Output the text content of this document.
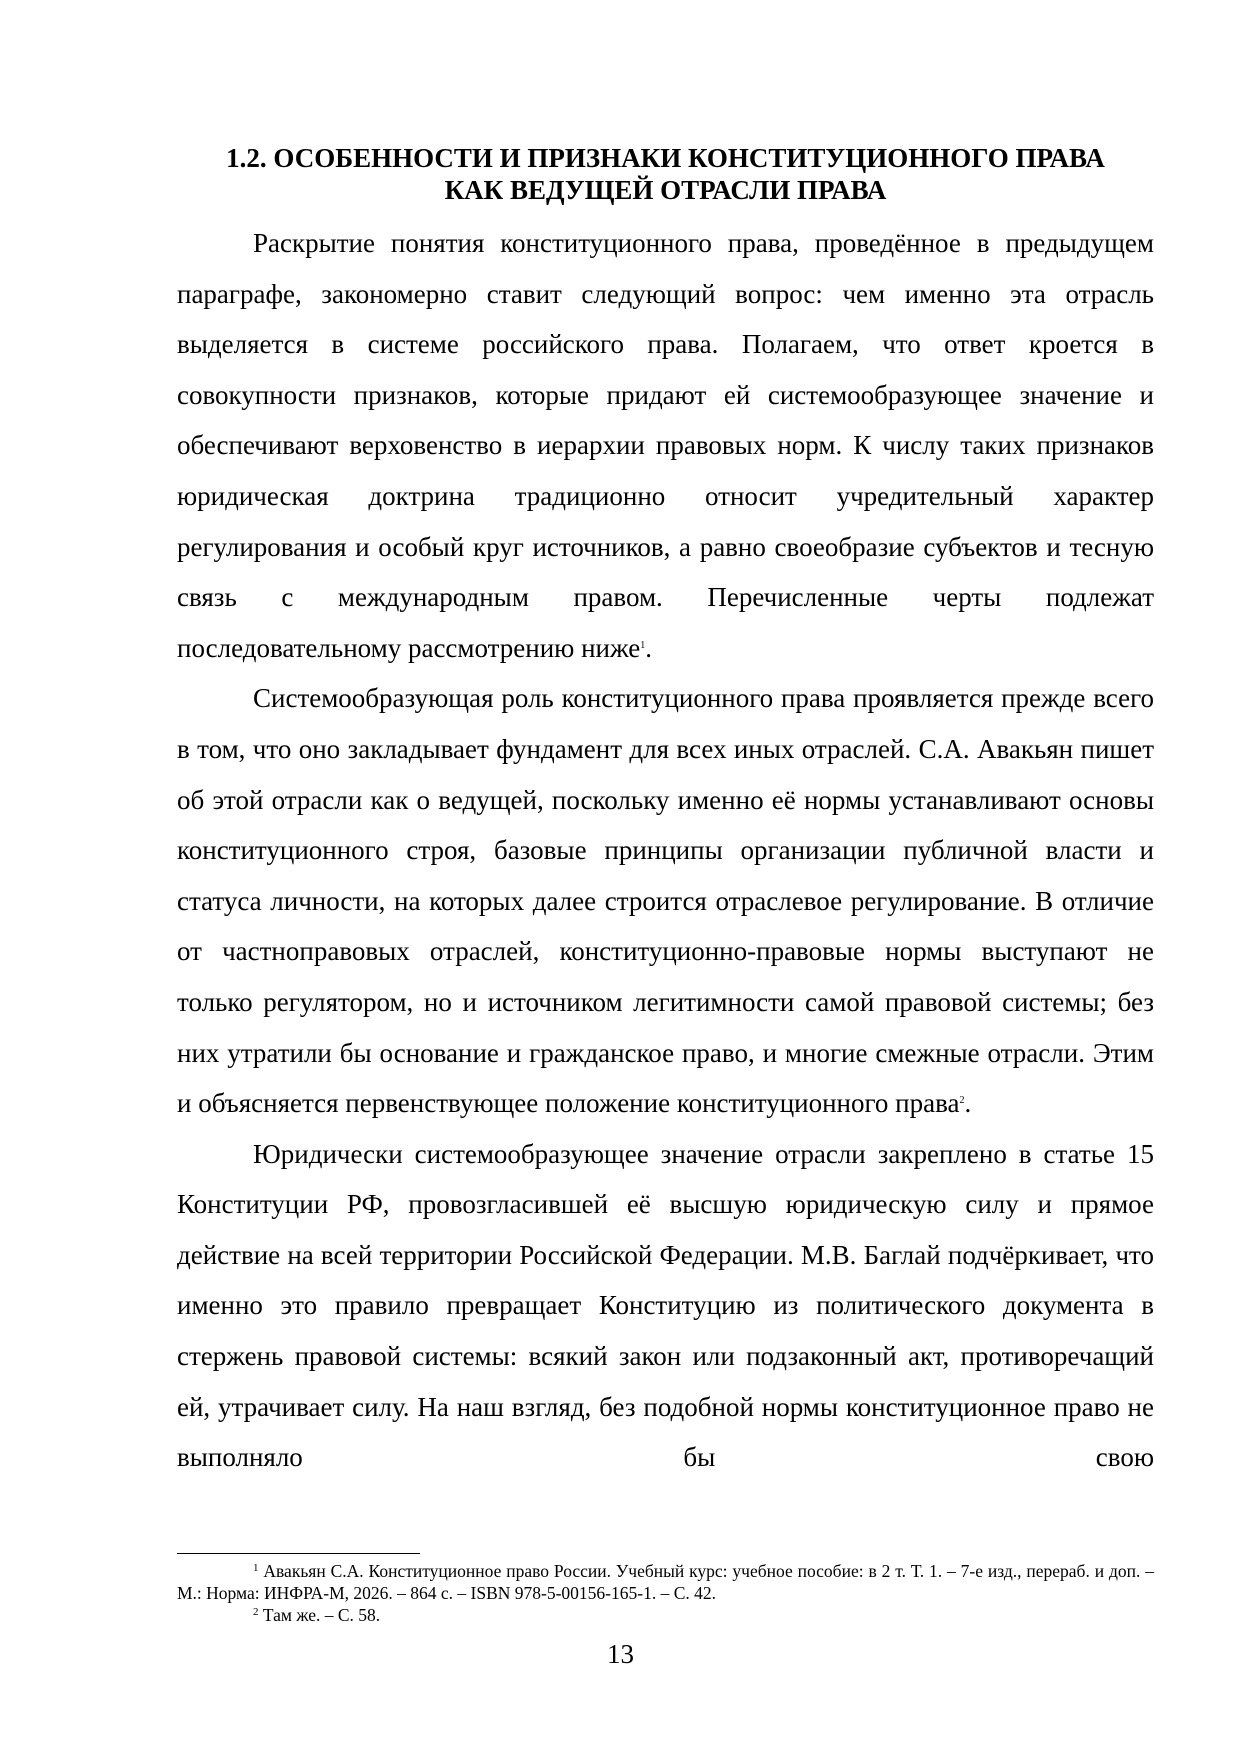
1.2. ОСОБЕННОСТИ И ПРИЗНАКИ КОНСТИТУЦИОННОГО ПРАВА
КАК ВЕДУЩЕЙ ОТРАСЛИ ПРАВА

Раскрытие понятия конституционного права, проведённое в предыдущем параграфе, закономерно ставит следующий вопрос: чем именно эта отрасль выделяется в системе российского права. Полагаем, что ответ кроется в совокупности признаков, которые придают ей системообразующее значение и обеспечивают верховенство в иерархии правовых норм. К числу таких признаков юридическая доктрина традиционно относит учредительный характер регулирования и особый круг источников, а равно своеобразие субъектов и тесную связь с международным правом. Перечисленные черты подлежат последовательному рассмотрению ниже$^1$.

Системообразующая роль конституционного права проявляется прежде всего в том, что оно закладывает фундамент для всех иных отраслей. С.А. Авакьян пишет об этой отрасли как о ведущей, поскольку именно её нормы устанавливают основы конституционного строя, базовые принципы организации публичной власти и статуса личности, на которых далее строится отраслевое регулирование. В отличие от частноправовых отраслей, конституционно-правовые нормы выступают не только регулятором, но и источником легитимности самой правовой системы; без них утратили бы основание и гражданское право, и многие смежные отрасли. Этим и объясняется первенствующее положение конституционного права$^2$.

Юридически системообразующее значение отрасли закреплено в статье 15 Конституции РФ, провозгласившей её высшую юридическую силу и прямое действие на всей территории Российской Федерации. М.В. Баглай подчёркивает, что именно это правило превращает Конституцию из политического документа в стержень правовой системы: всякий закон или подзаконный акт, противоречащий ей, утрачивает силу. На наш взгляд, без подобной нормы конституционное право не выполняло бы свою

$^1$ Авакьян С.А. Конституционное право России. Учебный курс: учебное пособие: в 2 т. Т. 1. – 7-е изд., перераб. и доп. – М.: Норма: ИНФРА-М, 2026. – 864 с. – ISBN 978-5-00156-165-1. – С. 42.

$^2$ Там же. – С. 58.

13
